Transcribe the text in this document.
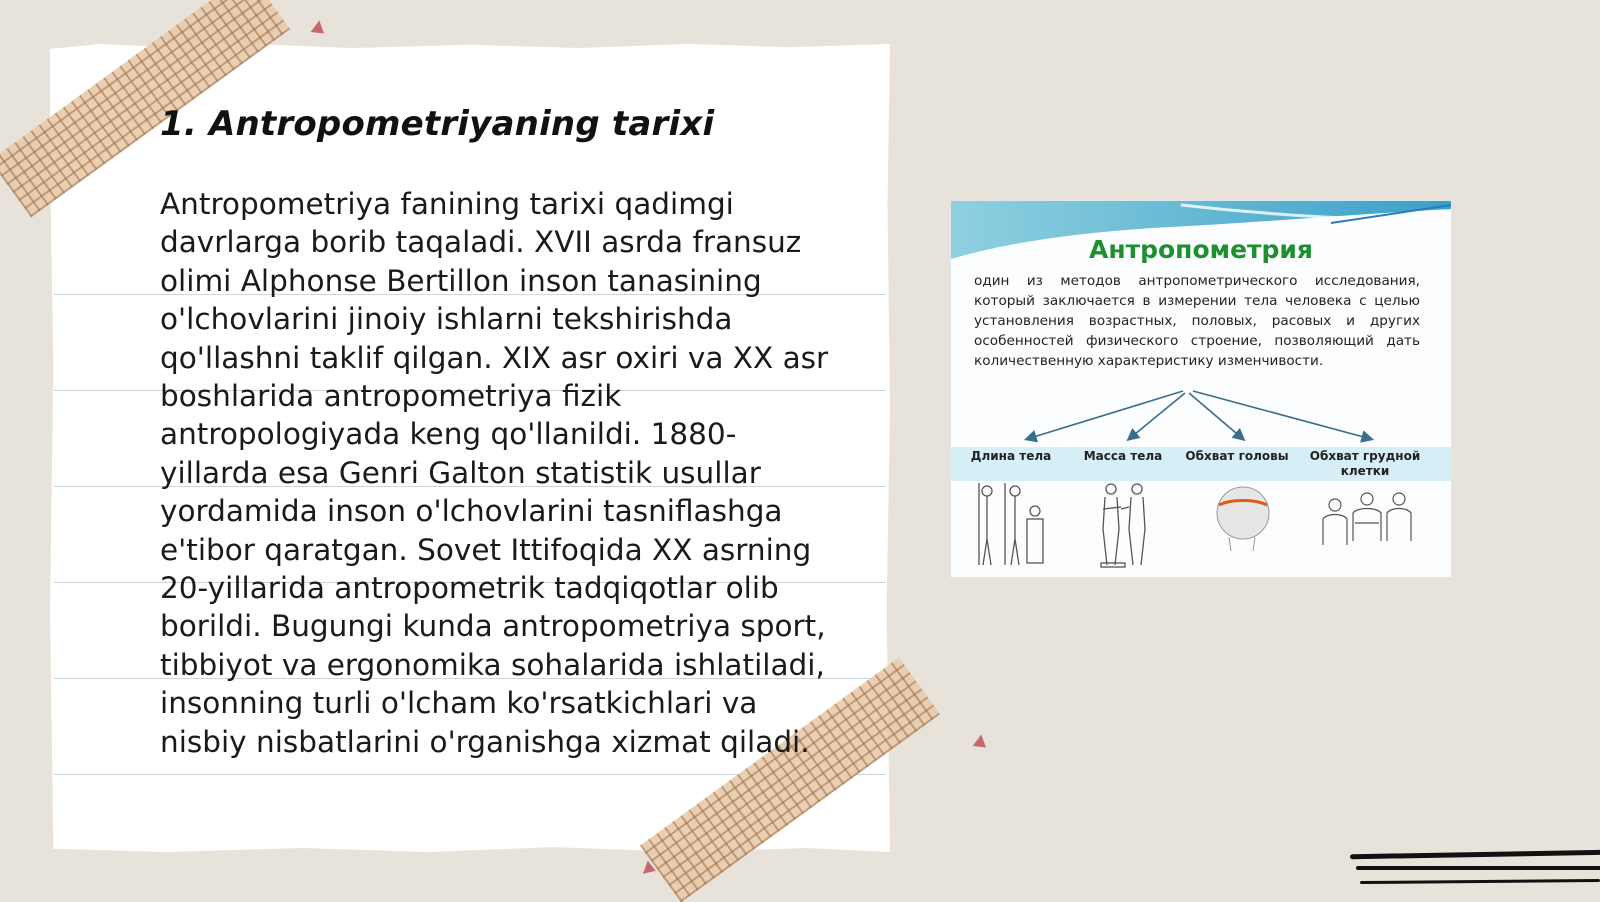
1. Antropometriyaning tarixi

Antropometriya fanining tarixi qadimgi davrlarga borib taqaladi. XVII asrda fransuz olimi Alphonse Bertillon inson tanasining o'lchovlarini jinoiy ishlarni tekshirishda qo'llashni taklif qilgan. XIX asr oxiri va XX asr boshlarida antropometriya fizik antropologiyada keng qo'llanildi. 1880-yillarda esa Genri Galton statistik usullar yordamida inson o'lchovlarini tasniflashga e'tibor qaratgan. Sovet Ittifoqida XX asrning 20-yillarida antropometrik tadqiqotlar olib borildi. Bugungi kunda antropometriya sport, tibbiyot va ergonomika sohalarida ishlatiladi, insonning turli o'lcham ko'rsatkichlari va nisbiy nisbatlarini o'rganishga xizmat qiladi.

Антропометрия

один из методов антропометрического исследования, который заключается в измерении тела человека с целью установления возрастных, половых, расовых и других особенностей физического строение, позволяющий дать количественную характеристику изменчивости.

Длина тела	Масса тела	Обхват головы	Обхват грудной клетки
